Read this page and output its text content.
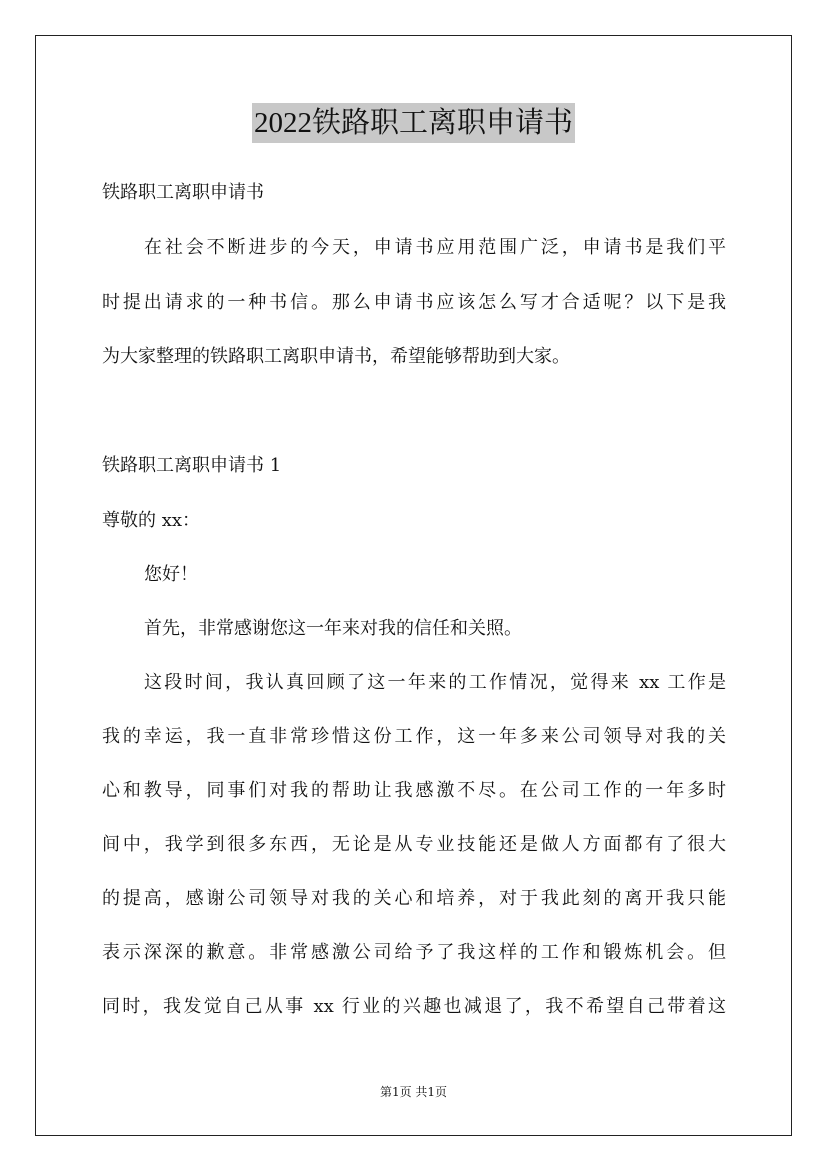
2022铁路职工离职申请书
铁路职工离职申请书
在社会不断进步的今天，申请书应用范围广泛，申请书是我们平
时提出请求的一种书信。那么申请书应该怎么写才合适呢？以下是我
为大家整理的铁路职工离职申请书，希望能够帮助到大家。
铁路职工离职申请书 1
尊敬的 xx：
您好！
首先，非常感谢您这一年来对我的信任和关照。
这段时间，我认真回顾了这一年来的工作情况，觉得来 xx 工作是
我的幸运，我一直非常珍惜这份工作，这一年多来公司领导对我的关
心和教导，同事们对我的帮助让我感激不尽。在公司工作的一年多时
间中，我学到很多东西，无论是从专业技能还是做人方面都有了很大
的提高，感谢公司领导对我的关心和培养，对于我此刻的离开我只能
表示深深的歉意。非常感激公司给予了我这样的工作和锻炼机会。但
同时，我发觉自己从事 xx 行业的兴趣也减退了，我不希望自己带着这
第1页 共1页
